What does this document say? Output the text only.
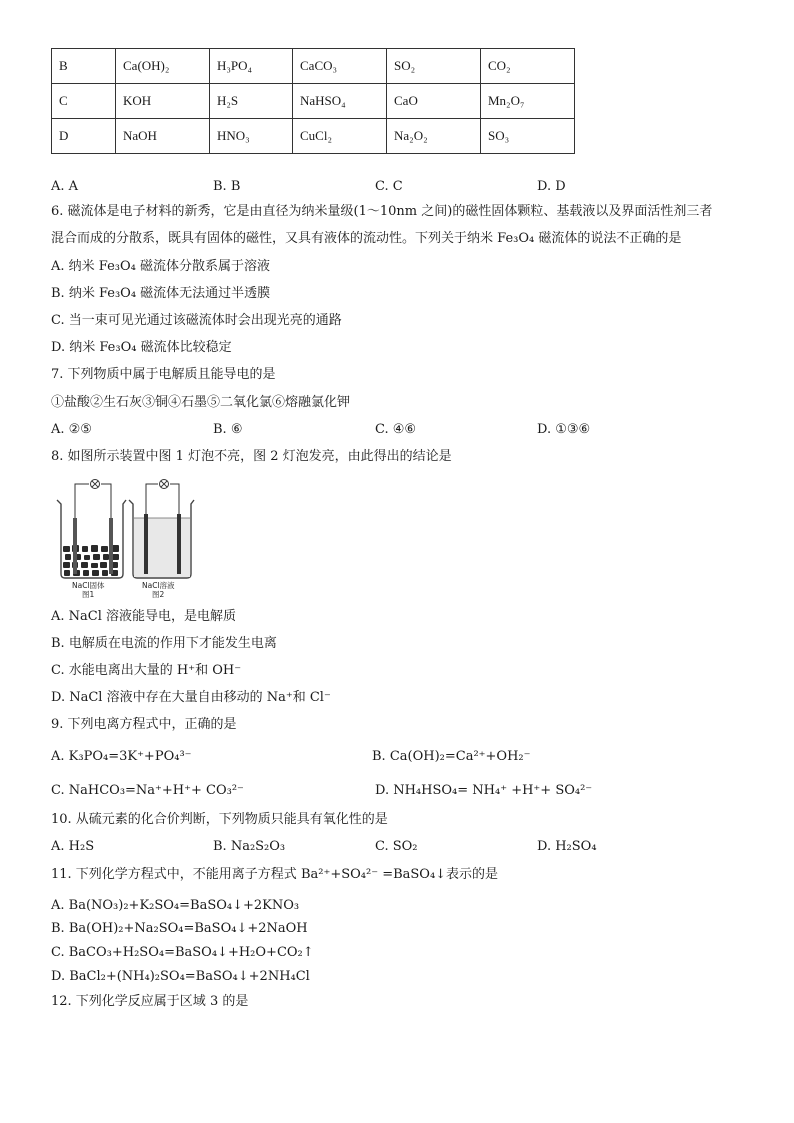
B	Ca(OH)₂	H₃PO₄	CaCO₃	SO₂	CO₂
C	KOH	H₂S	NaHSO₄	CaO	Mn₂O₇
D	NaOH	HNO₃	CuCl₂	Na₂O₂	SO₃
A. A	B. B	C. C	D. D
6. 磁流体是电子材料的新秀，它是由直径为纳米量级(1～10nm 之间)的磁性固体颗粒、基载液以及界面活性剂三者
混合而成的分散系，既具有固体的磁性，又具有液体的流动性。下列关于纳米 Fe₃O₄ 磁流体的说法不正确的是
A. 纳米 Fe₃O₄ 磁流体分散系属于溶液
B. 纳米 Fe₃O₄ 磁流体无法通过半透膜
C. 当一束可见光通过该磁流体时会出现光亮的通路
D. 纳米 Fe₃O₄ 磁流体比较稳定
7. 下列物质中属于电解质且能导电的是
①盐酸②生石灰③铜④石墨⑤二氧化氯⑥熔融氯化钾
A. ②⑤	B. ⑥	C. ④⑥	D. ①③⑥
8. 如图所示装置中图 1 灯泡不亮，图 2 灯泡发亮，由此得出的结论是
NaCl固体
图1
NaCl溶液
图2
A. NaCl 溶液能导电，是电解质
B. 电解质在电流的作用下才能发生电离
C. 水能电离出大量的 H⁺和 OH⁻
D. NaCl 溶液中存在大量自由移动的 Na⁺和 Cl⁻
9. 下列电离方程式中，正确的是
A. K₃PO₄=3K⁺+PO₄³⁻	B. Ca(OH)₂=Ca²⁺+OH₂⁻
C. NaHCO₃=Na⁺+H⁺+ CO₃²⁻	D. NH₄HSO₄= NH₄⁺ +H⁺+ SO₄²⁻
10. 从硫元素的化合价判断，下列物质只能具有氧化性的是
A. H₂S	B. Na₂S₂O₃	C. SO₂	D. H₂SO₄
11. 下列化学方程式中，不能用离子方程式 Ba²⁺+SO₄²⁻ =BaSO₄↓表示的是
A. Ba(NO₃)₂+K₂SO₄=BaSO₄↓+2KNO₃
B. Ba(OH)₂+Na₂SO₄=BaSO₄↓+2NaOH
C. BaCO₃+H₂SO₄=BaSO₄↓+H₂O+CO₂↑
D. BaCl₂+(NH₄)₂SO₄=BaSO₄↓+2NH₄Cl
12. 下列化学反应属于区域 3 的是
